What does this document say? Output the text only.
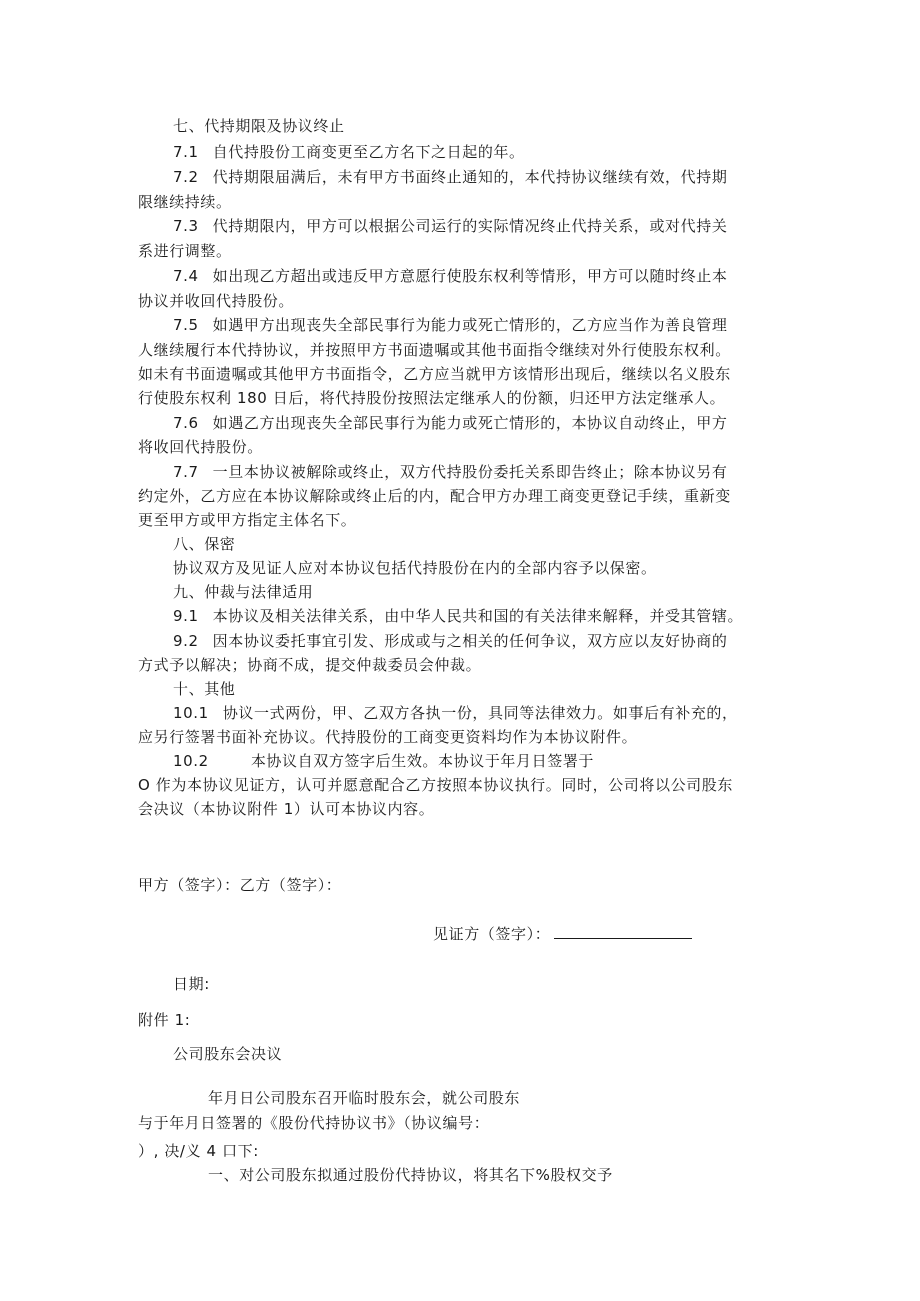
七、代持期限及协议终止
7.1 自代持股份工商变更至乙方名下之日起的年。
7.2 代持期限届满后，未有甲方书面终止通知的，本代持协议继续有效，代持期
限继续持续。
7.3 代持期限内，甲方可以根据公司运行的实际情况终止代持关系，或对代持关
系进行调整。
7.4 如出现乙方超出或违反甲方意愿行使股东权利等情形，甲方可以随时终止本
协议并收回代持股份。
7.5 如遇甲方出现丧失全部民事行为能力或死亡情形的，乙方应当作为善良管理
人继续履行本代持协议，并按照甲方书面遗嘱或其他书面指令继续对外行使股东权利。
如未有书面遗嘱或其他甲方书面指令，乙方应当就甲方该情形出现后，继续以名义股东
行使股东权利 180 日后，将代持股份按照法定继承人的份额，归还甲方法定继承人。
7.6 如遇乙方出现丧失全部民事行为能力或死亡情形的，本协议自动终止，甲方
将收回代持股份。
7.7 一旦本协议被解除或终止，双方代持股份委托关系即告终止；除本协议另有
约定外，乙方应在本协议解除或终止后的内，配合甲方办理工商变更登记手续，重新变
更至甲方或甲方指定主体名下。
八、保密
协议双方及见证人应对本协议包括代持股份在内的全部内容予以保密。
九、仲裁与法律适用
9.1 本协议及相关法律关系，由中华人民共和国的有关法律来解释，并受其管辖。
9.2 因本协议委托事宜引发、形成或与之相关的任何争议，双方应以友好协商的
方式予以解决；协商不成，提交仲裁委员会仲裁。
十、其他
10.1 协议一式两份，甲、乙双方各执一份，具同等法律效力。如事后有补充的，
应另行签署书面补充协议。代持股份的工商变更资料均作为本协议附件。
10.2	本协议自双方签字后生效。本协议于年月日签署于
O 作为本协议见证方，认可并愿意配合乙方按照本协议执行。同时，公司将以公司股东
会决议（本协议附件 1）认可本协议内容。
甲方（签字）：乙方（签字）：
见证方（签字）：
日期:
附件 1:
公司股东会决议
年月日公司股东召开临时股东会，就公司股东
与于年月日签署的《股份代持协议书》（协议编号：
）, 决/义 4 口下:
一、对公司股东拟通过股份代持协议，将其名下%股权交予
